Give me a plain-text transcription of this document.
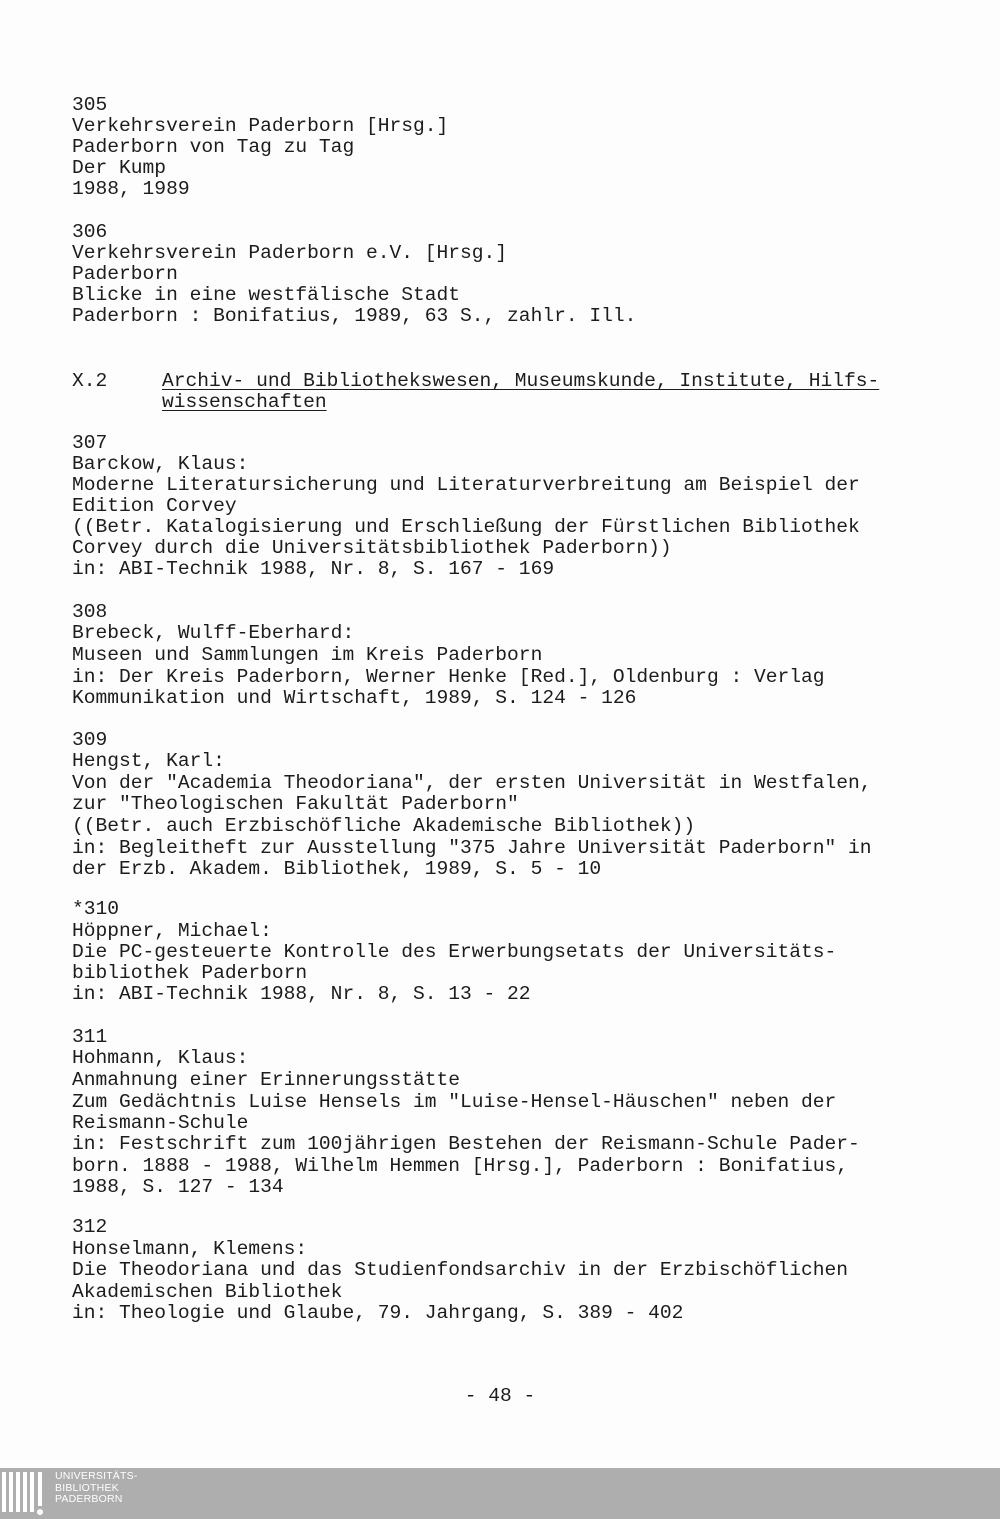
305
Verkehrsverein Paderborn [Hrsg.]
Paderborn von Tag zu Tag
Der Kump
1988, 1989
306
Verkehrsverein Paderborn e.V. [Hrsg.]
Paderborn
Blicke in eine westfälische Stadt
Paderborn : Bonifatius, 1989, 63 S., zahlr. Ill.
X.2	Archiv- und Bibliothekswesen, Museumskunde, Institute, Hilfs-
wissenschaften
307
Barckow, Klaus:
Moderne Literatursicherung und Literaturverbreitung am Beispiel der
Edition Corvey
((Betr. Katalogisierung und Erschließung der Fürstlichen Bibliothek
Corvey durch die Universitätsbibliothek Paderborn))
in: ABI-Technik 1988, Nr. 8, S. 167 - 169
308
Brebeck, Wulff-Eberhard:
Museen und Sammlungen im Kreis Paderborn
in: Der Kreis Paderborn, Werner Henke [Red.], Oldenburg : Verlag
Kommunikation und Wirtschaft, 1989, S. 124 - 126
309
Hengst, Karl:
Von der "Academia Theodoriana", der ersten Universität in Westfalen,
zur "Theologischen Fakultät Paderborn"
((Betr. auch Erzbischöfliche Akademische Bibliothek))
in: Begleitheft zur Ausstellung "375 Jahre Universität Paderborn" in
der Erzb. Akadem. Bibliothek, 1989, S. 5 - 10
*310
Höppner, Michael:
Die PC-gesteuerte Kontrolle des Erwerbungsetats der Universitäts-
bibliothek Paderborn
in: ABI-Technik 1988, Nr. 8, S. 13 - 22
311
Hohmann, Klaus:
Anmahnung einer Erinnerungsstätte
Zum Gedächtnis Luise Hensels im "Luise-Hensel-Häuschen" neben der
Reismann-Schule
in: Festschrift zum 100jährigen Bestehen der Reismann-Schule Pader-
born. 1888 - 1988, Wilhelm Hemmen [Hrsg.], Paderborn : Bonifatius,
1988, S. 127 - 134
312
Honselmann, Klemens:
Die Theodoriana und das Studienfondsarchiv in der Erzbischöflichen
Akademischen Bibliothek
in: Theologie und Glaube, 79. Jahrgang, S. 389 - 402
- 48 -
UNIVERSITÄTS-
BIBLIOTHEK
PADERBORN
